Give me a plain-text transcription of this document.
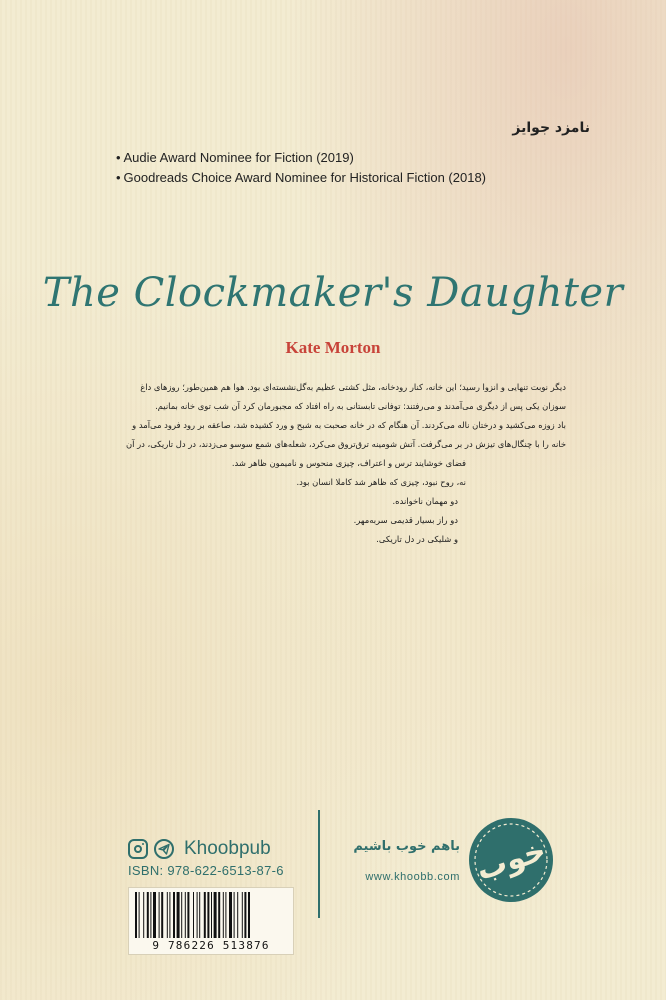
نامزد جوایز
• Audie Award Nominee for Fiction (2019)
• Goodreads Choice Award Nominee for Historical Fiction (2018)
The Clockmaker's Daughter
Kate Morton

دیگر نوبت تنهایی و انزوا رسید؛ این خانه، کنار رودخانه، مثل کشتی عظیم به‌گل‌نشسته‌ای بود. هوا هم همین‌طور؛ روزهای داغ

سوزان یکی پس از دیگری می‌آمدند و می‌رفتند: توفانی تابستانی به راه افتاد که مجبورمان کرد آن شب توی خانه بمانیم.

باد زوزه می‌کشید و درختان ناله می‌کردند. آن هنگام که در خانه صحبت به شبح و ورد کشیده شد، صاعقه بر رود فرود می‌آمد و

خانه را با چنگال‌های تیزش در بر می‌گرفت. آتش شومینه ترق‌تروق می‌کرد، شعله‌های شمع سوسو می‌زدند، در دل تاریکی، در آن

فضای خوشایند ترس و اعتراف، چیزی منحوس و نامیمون ظاهر شد.

نه، روح نبود، چیزی که ظاهر شد کاملا انسان بود.

دو مهمان ناخوانده.

دو راز بسیار قدیمی سربه‌مهر.

و شلیکی در دل تاریکی.

Khoobpub
ISBN: 978-622-6513-87-6
9 786226 513876
باهم خوب باشیم
www.khoobb.com خوب
